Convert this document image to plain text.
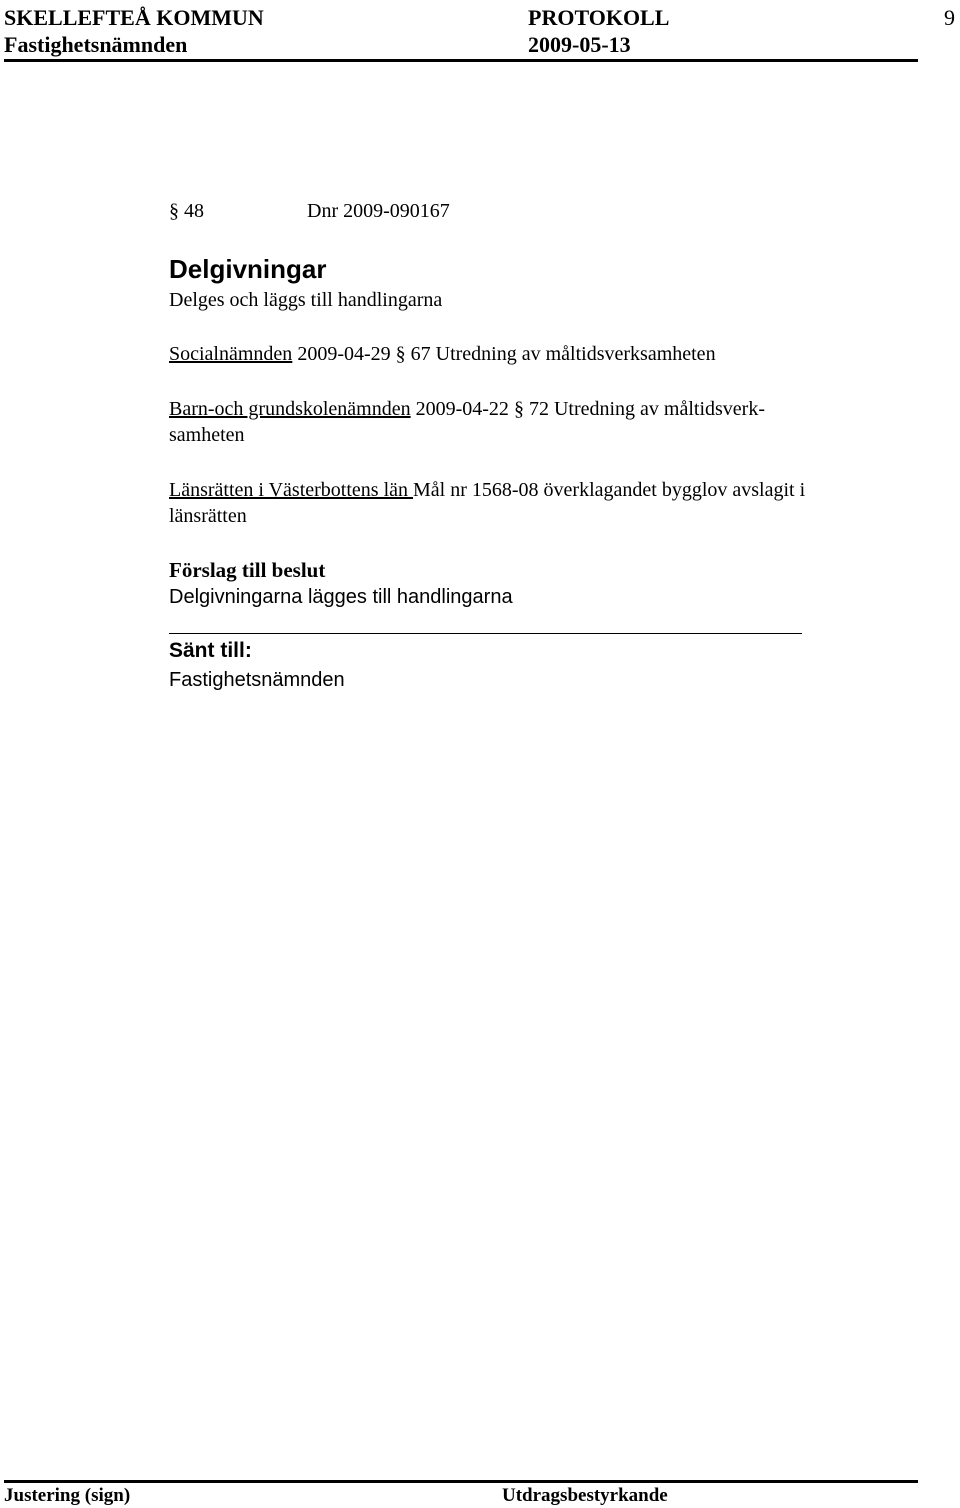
SKELLEFTEÅ KOMMUN	PROTOKOLL	9
Fastighetsnämnden	2009-05-13
§ 48	Dnr 2009-090167
Delgivningar
Delges och läggs till handlingarna
Socialnämnden 2009-04-29 § 67 Utredning av måltidsverksamheten
Barn-och grundskolenämnden 2009-04-22 § 72 Utredning av måltidsverk-
samheten
Länsrätten i Västerbottens län Mål nr 1568-08 överklagandet bygglov avslagit i
länsrätten
Förslag till beslut
Delgivningarna lägges till handlingarna
Sänt till:
Fastighetsnämnden
Justering (sign)	Utdragsbestyrkande
